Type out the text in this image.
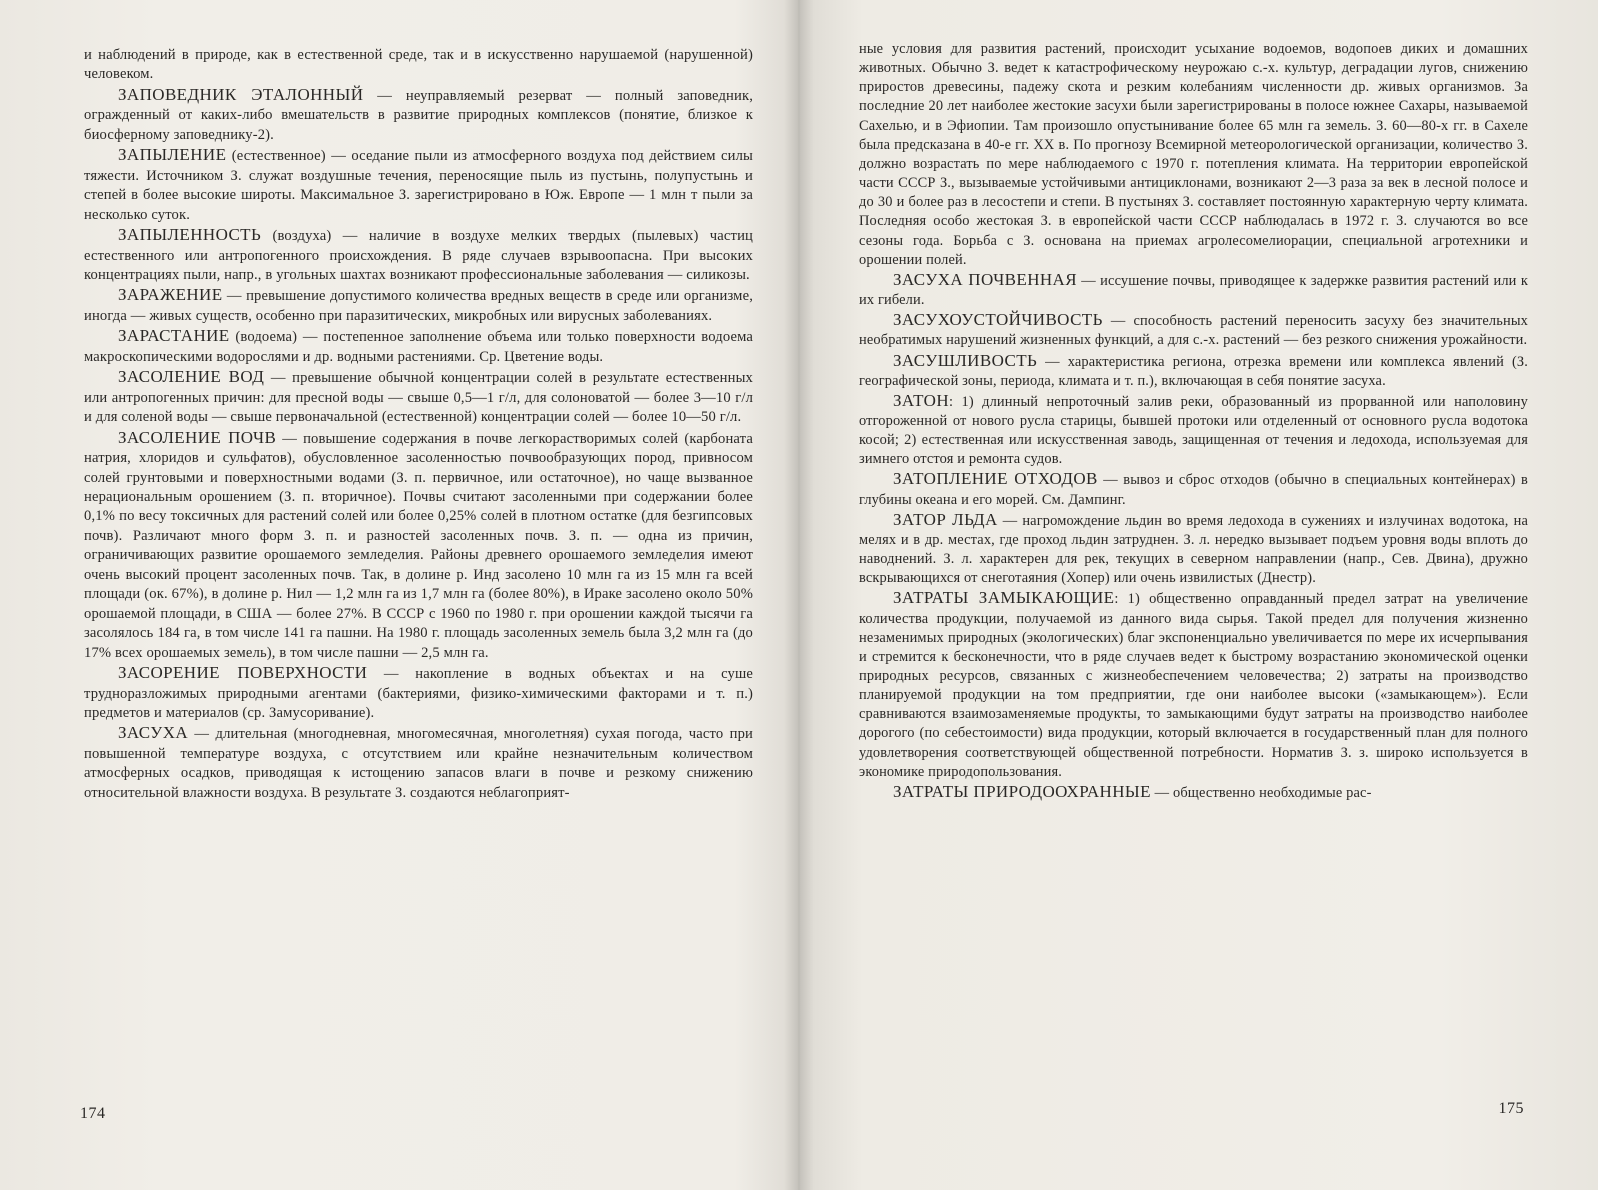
и наблюдений в природе, как в естественной среде, так и в искусственно нарушаемой (нарушенной) человеком.

ЗАПОВЕДНИК ЭТАЛОННЫЙ — неуправляемый резерват — полный заповедник, огражденный от каких-либо вмешательств в развитие природных комплексов (понятие, близкое к биосферному заповеднику-2).

ЗАПЫЛЕНИЕ (естественное) — оседание пыли из атмосферного воздуха под действием силы тяжести. Источником З. служат воздушные течения, переносящие пыль из пустынь, полупустынь и степей в более высокие широты. Максимальное З. зарегистрировано в Юж. Европе — 1 млн т пыли за несколько суток.

ЗАПЫЛЕННОСТЬ (воздуха) — наличие в воздухе мелких твердых (пылевых) частиц естественного или антропогенного происхождения. В ряде случаев взрывоопасна. При высоких концентрациях пыли, напр., в угольных шахтах возникают профессиональные заболевания — силикозы.

ЗАРАЖЕНИЕ — превышение допустимого количества вредных веществ в среде или организме, иногда — живых существ, особенно при паразитических, микробных или вирусных заболеваниях.

ЗАРАСТАНИЕ (водоема) — постепенное заполнение объема или только поверхности водоема макроскопическими водорослями и др. водными растениями. Ср. Цветение воды.

ЗАСОЛЕНИЕ ВОД — превышение обычной концентрации солей в результате естественных или антропогенных причин: для пресной воды — свыше 0,5—1 г/л, для солоноватой — более 3—10 г/л и для соленой воды — свыше первоначальной (естественной) концентрации солей — более 10—50 г/л.

ЗАСОЛЕНИЕ ПОЧВ — повышение содержания в почве легкорастворимых солей (карбоната натрия, хлоридов и сульфатов), обусловленное засоленностью почвообразующих пород, привносом солей грунтовыми и поверхностными водами (З. п. первичное, или остаточное), но чаще вызванное нерациональным орошением (З. п. вторичное). Почвы считают засоленными при содержании более 0,1% по весу токсичных для растений солей или более 0,25% солей в плотном остатке (для безгипсовых почв). Различают много форм З. п. и разностей засоленных почв. З. п. — одна из причин, ограничивающих развитие орошаемого земледелия. Районы древнего орошаемого земледелия имеют очень высокий процент засоленных почв. Так, в долине р. Инд засолено 10 млн га из 15 млн га всей площади (ок. 67%), в долине р. Нил — 1,2 млн га из 1,7 млн га (более 80%), в Ираке засолено около 50% орошаемой площади, в США — более 27%. В СССР с 1960 по 1980 г. при орошении каждой тысячи га засолялось 184 га, в том числе 141 га пашни. На 1980 г. площадь засоленных земель была 3,2 млн га (до 17% всех орошаемых земель), в том числе пашни — 2,5 млн га.

ЗАСОРЕНИЕ ПОВЕРХНОСТИ — накопление в водных объектах и на суше трудноразложимых природными агентами (бактериями, физико-химическими факторами и т. п.) предметов и материалов (ср. Замусоривание).

ЗАСУХА — длительная (многодневная, многомесячная, многолетняя) сухая погода, часто при повышенной температуре воздуха, с отсутствием или крайне незначительным количеством атмосферных осадков, приводящая к истощению запасов влаги в почве и резкому снижению относительной влажности воздуха. В результате З. создаются неблагоприят-

174

ные условия для развития растений, происходит усыхание водоемов, водопоев диких и домашних животных. Обычно З. ведет к катастрофическому неурожаю с.-х. культур, деградации лугов, снижению приростов древесины, падежу скота и резким колебаниям численности др. живых организмов. За последние 20 лет наиболее жестокие засухи были зарегистрированы в полосе южнее Сахары, называемой Сахелью, и в Эфиопии. Там произошло опустынивание более 65 млн га земель. З. 60—80-х гг. в Сахеле была предсказана в 40-е гг. XX в. По прогнозу Всемирной метеорологической организации, количество З. должно возрастать по мере наблюдаемого с 1970 г. потепления климата. На территории европейской части СССР З., вызываемые устойчивыми антициклонами, возникают 2—3 раза за век в лесной полосе и до 30 и более раз в лесостепи и степи. В пустынях З. составляет постоянную характерную черту климата. Последняя особо жестокая З. в европейской части СССР наблюдалась в 1972 г. З. случаются во все сезоны года. Борьба с З. основана на приемах агролесомелиорации, специальной агротехники и орошении полей.

ЗАСУХА ПОЧВЕННАЯ — иссушение почвы, приводящее к задержке развития растений или к их гибели.

ЗАСУХОУСТОЙЧИВОСТЬ — способность растений переносить засуху без значительных необратимых нарушений жизненных функций, а для с.-х. растений — без резкого снижения урожайности.

ЗАСУШЛИВОСТЬ — характеристика региона, отрезка времени или комплекса явлений (З. географической зоны, периода, климата и т. п.), включающая в себя понятие засуха.

ЗАТОН: 1) длинный непроточный залив реки, образованный из прорванной или наполовину отгороженной от нового русла старицы, бывшей протоки или отделенный от основного русла водотока косой; 2) естественная или искусственная заводь, защищенная от течения и ледохода, используемая для зимнего отстоя и ремонта судов.

ЗАТОПЛЕНИЕ ОТХОДОВ — вывоз и сброс отходов (обычно в специальных контейнерах) в глубины океана и его морей. См. Дампинг.

ЗАТОР ЛЬДА — нагромождение льдин во время ледохода в сужениях и излучинах водотока, на мелях и в др. местах, где проход льдин затруднен. З. л. нередко вызывает подъем уровня воды вплоть до наводнений. З. л. характерен для рек, текущих в северном направлении (напр., Сев. Двина), дружно вскрывающихся от снеготаяния (Хопер) или очень извилистых (Днестр).

ЗАТРАТЫ ЗАМЫКАЮЩИЕ: 1) общественно оправданный предел затрат на увеличение количества продукции, получаемой из данного вида сырья. Такой предел для получения жизненно незаменимых природных (экологических) благ экспоненциально увеличивается по мере их исчерпывания и стремится к бесконечности, что в ряде случаев ведет к быстрому возрастанию экономической оценки природных ресурсов, связанных с жизнеобеспечением человечества; 2) затраты на производство планируемой продукции на том предприятии, где они наиболее высоки («замыкающем»). Если сравниваются взаимозаменяемые продукты, то замыкающими будут затраты на производство наиболее дорогого (по себестоимости) вида продукции, который включается в государственный план для полного удовлетворения соответствующей общественной потребности. Норматив З. з. широко используется в экономике природопользования.

ЗАТРАТЫ ПРИРОДООХРАННЫЕ — общественно необходимые рас-

175
